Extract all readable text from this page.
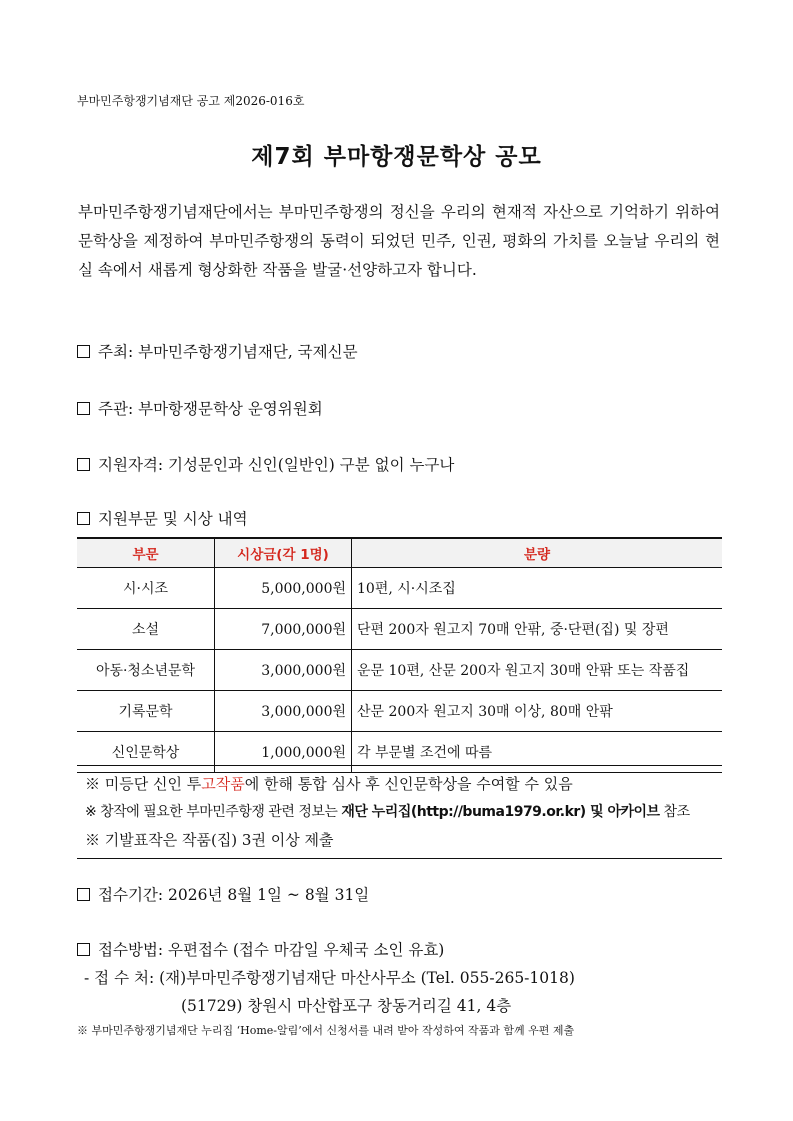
부마민주항쟁기념재단 공고 제2026-016호
제7회 부마항쟁문학상 공모

부마민주항쟁기념재단에서는 부마민주항쟁의 정신을 우리의 현재적 자산으로 기억하기 위하여 문학상을 제정하여 부마민주항쟁의 동력이 되었던 민주, 인권, 평화의 가치를 오늘날 우리의 현실 속에서 새롭게 형상화한 작품을 발굴·선양하고자 합니다.

주최: 부마민주항쟁기념재단, 국제신문
주관: 부마항쟁문학상 운영위원회
지원자격: 기성문인과 신인(일반인) 구분 없이 누구나
지원부문 및 시상 내역
부문	시상금(각 1명)	분량
시·시조	5,000,000원	10편, 시·시조집
소설	7,000,000원	단편 200자 원고지 70매 안팎, 중·단편(집) 및 장편
아동·청소년문학	3,000,000원	운문 10편, 산문 200자 원고지 30매 안팎 또는 작품집
기록문학	3,000,000원	산문 200자 원고지 30매 이상, 80매 안팎
신인문학상	1,000,000원	각 부문별 조건에 따름
※ 미등단 신인 투고작품에 한해 통합 심사 후 신인문학상을 수여할 수 있음
※ 창작에 필요한 부마민주항쟁 관련 정보는 재단 누리집(http://buma1979.or.kr) 및 아카이브 참조
※ 기발표작은 작품(집) 3권 이상 제출
접수기간: 2026년 8월 1일 ~ 8월 31일
접수방법: 우편접수 (접수 마감일 우체국 소인 유효)
- 접 수 처: (재)부마민주항쟁기념재단 마산사무소 (Tel. 055-265-1018)
(51729) 창원시 마산합포구 창동거리길 41, 4층
※ 부마민주항쟁기념재단 누리집 ‘Home-알림’에서 신청서를 내려 받아 작성하여 작품과 함께 우편 제출
